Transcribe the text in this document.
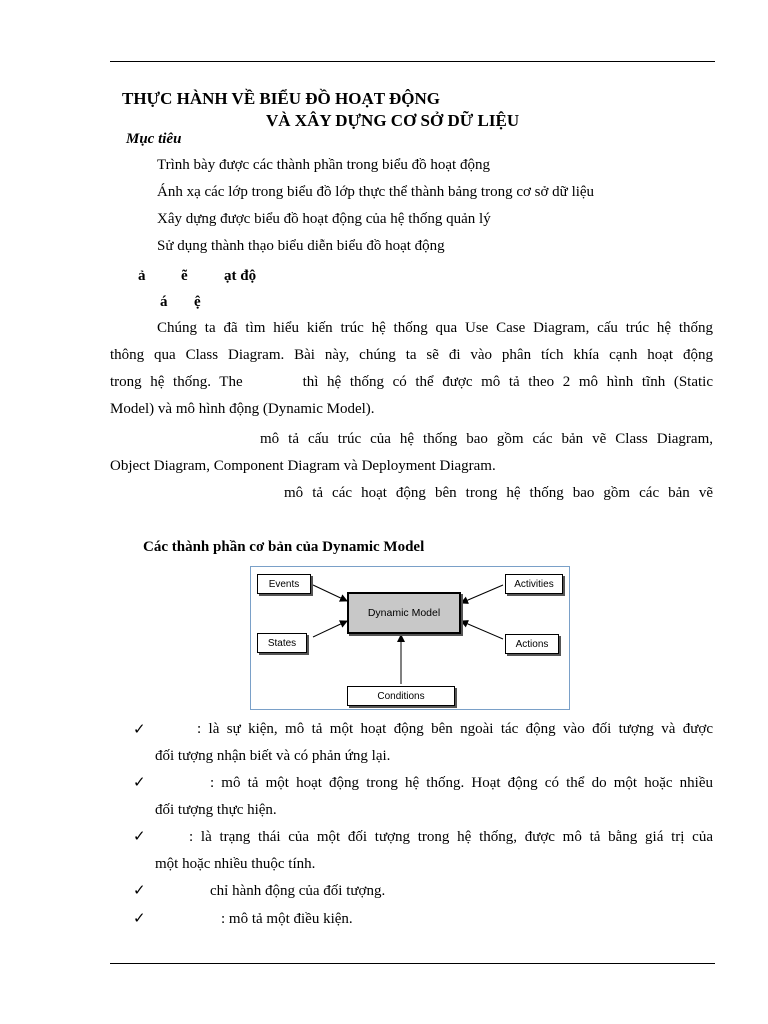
THỰC HÀNH VỀ BIỂU ĐỒ HOẠT ĐỘNG
VÀ XÂY DỰNG CƠ SỞ DỮ LIỆU
Mục tiêu
Trình bày được các thành phần trong biểu đồ hoạt động
Ánh xạ các lớp trong biểu đồ lớp thực thể thành bảng trong cơ sở dữ liệu
Xây dựng được biểu đồ hoạt động của hệ thống quản lý
Sử dụng thành thạo biểu diễn biểu đồ hoạt động
ả ẽ ạt độ
á ệ
Chúng ta đã tìm hiểu kiến trúc hệ thống qua Use Case Diagram, cấu trúc hệ thống
thông qua Class Diagram. Bài này, chúng ta sẽ đi vào phân tích khía cạnh hoạt động
trong hệ thống. The	thì hệ thống có thể được mô tả theo 2 mô hình tĩnh (Static
Model) và mô hình động (Dynamic Model).
mô tả cấu trúc của hệ thống bao gồm các bản vẽ Class Diagram,
Object Diagram, Component Diagram và Deployment Diagram.
mô tả các hoạt động bên trong hệ thống bao gồm các bản vẽ
Các thành phần cơ bản của Dynamic Model
Dynamic Model
Events
States
Activities
Actions
Conditions
✓	: là sự kiện, mô tả một hoạt động bên ngoài tác động vào đối tượng và được
đối tượng nhận biết và có phản ứng lại.
✓	: mô tả một hoạt động trong hệ thống. Hoạt động có thể do một hoặc nhiều
đối tượng thực hiện.
✓	: là trạng thái của một đối tượng trong hệ thống, được mô tả bằng giá trị của
một hoặc nhiều thuộc tính.
✓	chỉ hành động của đối tượng.
✓	: mô tả một điều kiện.
